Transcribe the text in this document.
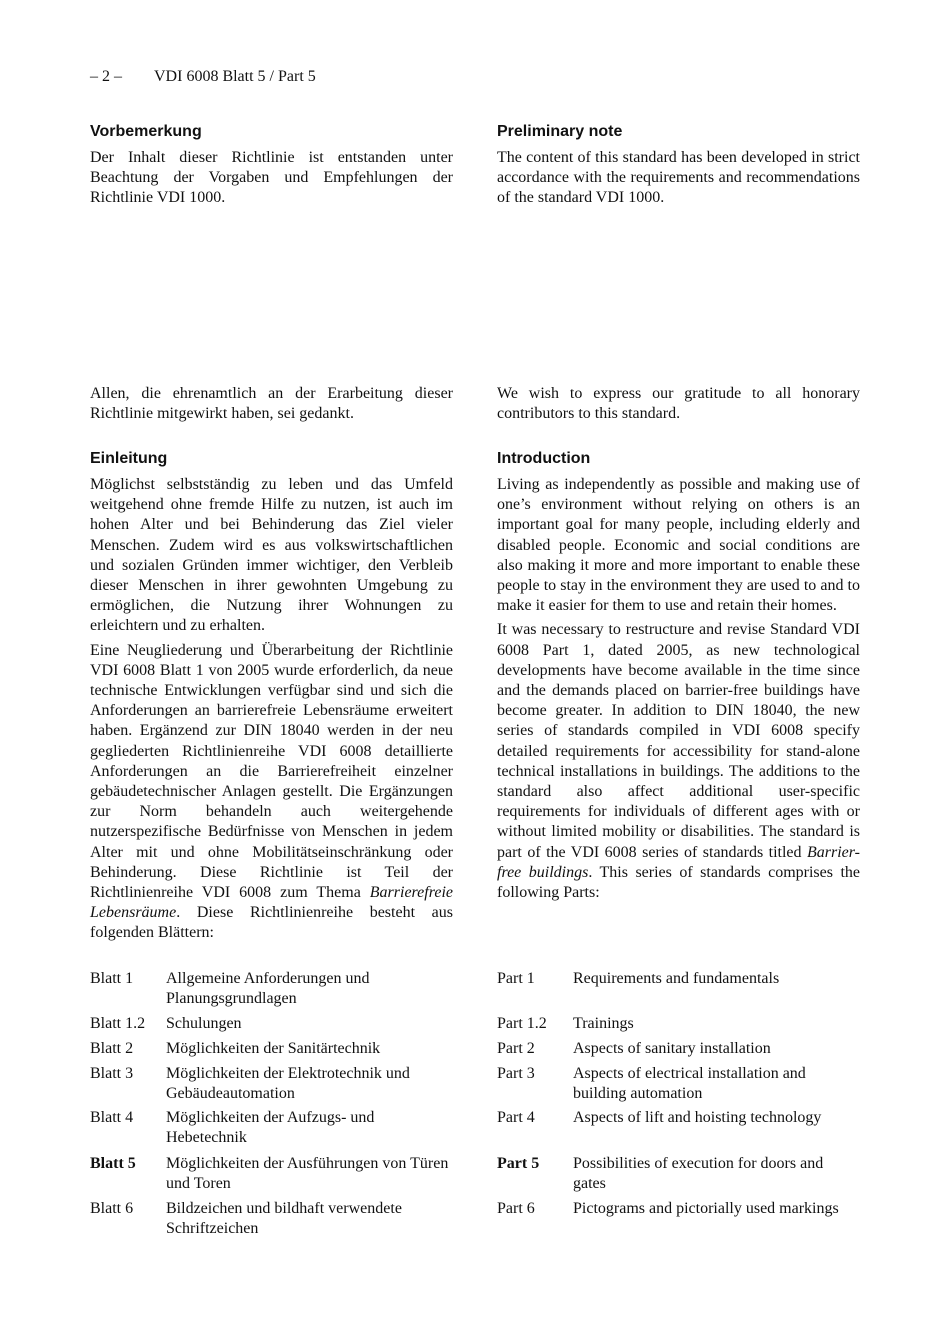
– 2 – VDI 6008 Blatt 5 / Part 5
Vorbemerkung

Der Inhalt dieser Richtlinie ist entstanden unter Beachtung der Vorgaben und Empfehlungen der Richtlinie VDI 1000.

Preliminary note

The content of this standard has been developed in strict accordance with the requirements and recommendations of the standard VDI 1000.

Allen, die ehrenamtlich an der Erarbeitung dieser Richtlinie mitgewirkt haben, sei gedankt.

We wish to express our gratitude to all honorary contributors to this standard.

Einleitung

Möglichst selbstständig zu leben und das Umfeld weitgehend ohne fremde Hilfe zu nutzen, ist auch im hohen Alter und bei Behinderung das Ziel vieler Menschen. Zudem wird es aus volkswirtschaftlichen und sozialen Gründen immer wichtiger, den Verbleib dieser Menschen in ihrer gewohnten Umgebung zu ermöglichen, die Nutzung ihrer Wohnungen zu erleichtern und zu erhalten.

Eine Neugliederung und Überarbeitung der Richtlinie VDI 6008 Blatt 1 von 2005 wurde erforderlich, da neue technische Entwicklungen verfügbar sind und sich die Anforderungen an barrierefreie Lebensräume erweitert haben. Ergänzend zur DIN 18040 werden in der neu gegliederten Richtlinienreihe VDI 6008 detaillierte Anforderungen an die Barrierefreiheit einzelner gebäudetechnischer Anlagen gestellt. Die Ergänzungen zur Norm behandeln auch weitergehende nutzerspezifische Bedürfnisse von Menschen in jedem Alter mit und ohne Mobilitätseinschränkung oder Behinderung. Diese Richtlinie ist Teil der Richtlinienreihe VDI 6008 zum Thema Barrierefreie Lebensräume. Diese Richtlinienreihe besteht aus folgenden Blättern:

Introduction

Living as independently as possible and making use of one’s environment without relying on others is an important goal for many people, including elderly and disabled people. Economic and social conditions are also making it more and more important to enable these people to stay in the environment they are used to and to make it easier for them to use and retain their homes.

It was necessary to restructure and revise Standard VDI 6008 Part 1, dated 2005, as new technological developments have become available in the time since and the demands placed on barrier-free buildings have become greater. In addition to DIN 18040, the new series of standards compiled in VDI 6008 specify detailed requirements for accessibility for stand-alone technical installations in buildings. The additions to the standard also affect additional user-specific requirements for individuals of different ages with or without limited mobility or disabilities. The standard is part of the VDI 6008 series of standards titled Barrier-free buildings. This series of standards comprises the following Parts:

Blatt 1 Allgemeine Anforderungen und Planungsgrundlagen
Blatt 1.2 Schulungen
Blatt 2 Möglichkeiten der Sanitärtechnik
Blatt 3 Möglichkeiten der Elektrotechnik und Gebäudeautomation
Blatt 4 Möglichkeiten der Aufzugs- und Hebetechnik
Blatt 5 Möglichkeiten der Ausführungen von Türen und Toren
Blatt 6 Bildzeichen und bildhaft verwendete Schriftzeichen
Part 1 Requirements and fundamentals
Part 1.2 Trainings
Part 2 Aspects of sanitary installation
Part 3 Aspects of electrical installation and building automation
Part 4 Aspects of lift and hoisting technology
Part 5 Possibilities of execution for doors and gates
Part 6 Pictograms and pictorially used markings
